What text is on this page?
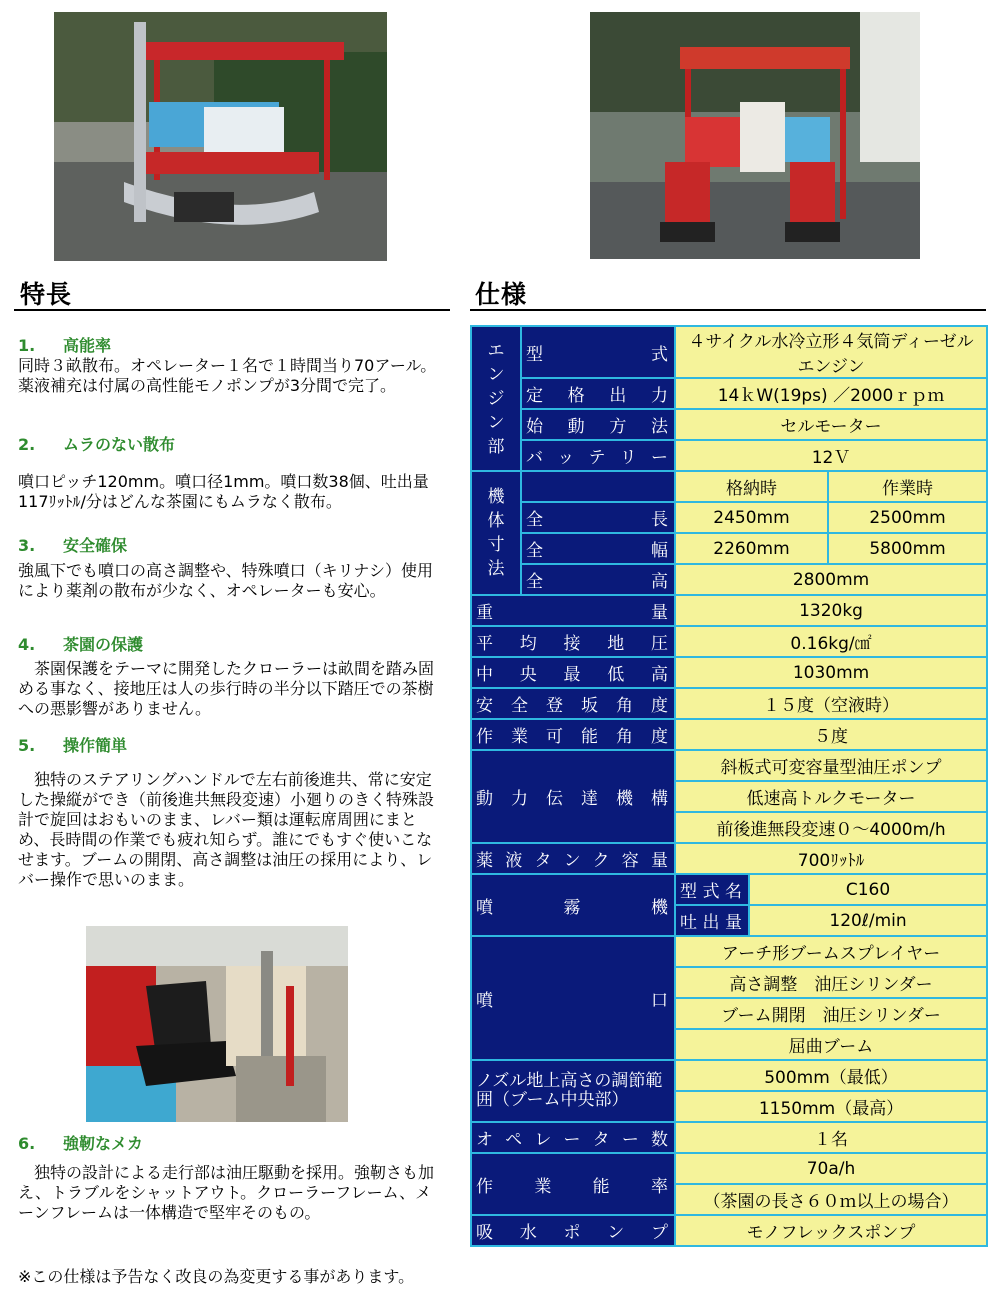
特長	仕様
1. 高能率
同時３畝散布。オペレーター１名で１時間当り70アール。薬液補充は付属の高性能モノポンプが3分間で完了。
2. ムラのない散布
噴口ピッチ120mm。噴口径1mm。噴口数38個、吐出量117ﾘｯﾄﾙ/分はどんな茶園にもムラなく散布。
3. 安全確保
強風下でも噴口の高さ調整や、特殊噴口（キリナシ）使用により薬剤の散布が少なく、オペレーターも安心。
4. 茶園の保護
　茶園保護をテーマに開発したクローラーは畝間を踏み固める事なく、接地圧は人の歩行時の半分以下踏圧での茶樹への悪影響がありません。
5. 操作簡単
　独特のステアリングハンドルで左右前後進共、常に安定した操縦ができ（前後進共無段変速）小廻りのきく特殊設計で旋回はおもいのまま、レバー類は運転席周囲にまとめ、長時間の作業でも疲れ知らず。誰にでもすぐ使いこなせます。ブームの開閉、高さ調整は油圧の採用により、レバー操作で思いのまま。
6. 強靭なメカ
　独特の設計による走行部は油圧駆動を採用。強靭さも加え、トラブルをシャットアウト。クローラーフレーム、メーンフレームは一体構造で堅牢そのもの。
※この仕様は予告なく改良の為変更する事があります。
エンジン部	型　　式	４サイクル水冷立形４気筒ディーゼルエンジン		
	定格出力	14ｋW(19ps) ／2000ｒｐｍ		
	始動方法	セルモーター		
	バッテリー	12Ｖ		

機体寸法		格納時		作業時
	全　長	2450mm		2500mm
	全　幅	2260mm		5800mm
	全　高	2800mm		
重　量		1320kg		
平均接地圧		0.16kg/㎠		
中央最低高		1030mm		
安全登坂角度		１５度（空液時）		
作業可能角度		５度		
動力伝達機構		斜板式可変容量型油圧ポンプ		
		低速高トルクモーター		
		前後進無段変速０～4000m/h		
薬液タンク容量		700ﾘｯﾄﾙ		
噴　霧　機		型式名	C160	
		吐出量	120ℓ/min	
噴　　口		アーチ形ブームスプレイヤー		
		高さ調整　油圧シリンダー		
		ブーム開閉　油圧シリンダー		
		屈曲ブーム		
ノズル地上高さの調節範囲（ブーム中央部）		500mm（最低）		
		1150mm（最高）		
オペレーター数		１名		
作業能率		70a/h		
		（茶園の長さ６０ｍ以上の場合）		
吸水ポンプ		モノフレックスポンプ		
